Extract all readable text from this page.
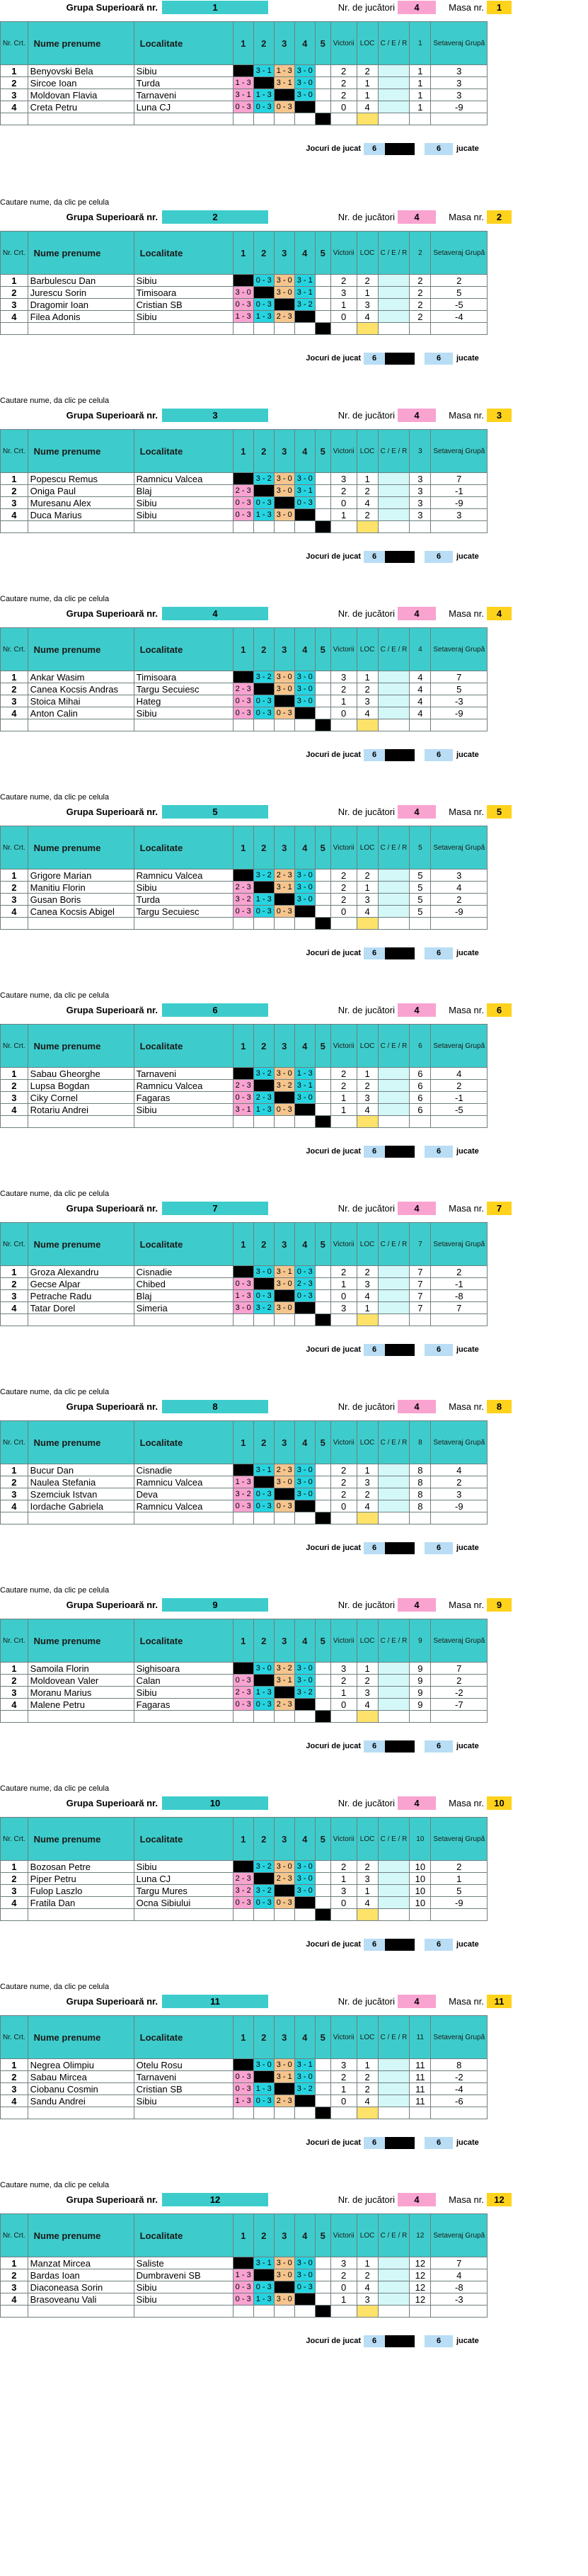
Grupa Superioară nr.	1	Nr. de jucători	4	Masa nr.	1
Nr. Crt.	Nume prenume	Localitate	1	2	3	4	5	Victorii	LOC	C / E / R	1	Setaveraj Grupă
1	Benyovski Bela	Sibiu		3 - 1	1 - 3	3 - 0		2	2		1	3
2	Sircoe Ioan	Turda	1 - 3		3 - 1	3 - 0		2	1		1	3
3	Moldovan Flavia	Tarnaveni	3 - 1	1 - 3		3 - 0		2	1		1	3
4	Creta Petru	Luna CJ	0 - 3	0 - 3	0 - 3			0	4		1	-9

Jocuri de jucat	6	6	jucate
Cautare nume, da clic pe celula
Grupa Superioară nr.	2	Nr. de jucători	4	Masa nr.	2
Nr. Crt.	Nume prenume	Localitate	1	2	3	4	5	Victorii	LOC	C / E / R	2	Setaveraj Grupă
1	Barbulescu Dan	Sibiu		0 - 3	3 - 0	3 - 1		2	2		2	2
2	Jurescu Sorin	Timisoara	3 - 0		3 - 0	3 - 1		3	1		2	5
3	Dragomir Ioan	Cristian SB	0 - 3	0 - 3		3 - 2		1	3		2	-5
4	Filea Adonis	Sibiu	1 - 3	1 - 3	2 - 3			0	4		2	-4

Jocuri de jucat	6	6	jucate
Cautare nume, da clic pe celula
Grupa Superioară nr.	3	Nr. de jucători	4	Masa nr.	3
Nr. Crt.	Nume prenume	Localitate	1	2	3	4	5	Victorii	LOC	C / E / R	3	Setaveraj Grupă
1	Popescu Remus	Ramnicu Valcea		3 - 2	3 - 0	3 - 0		3	1		3	7
2	Oniga Paul	Blaj	2 - 3		3 - 0	3 - 1		2	2		3	-1
3	Muresanu Alex	Sibiu	0 - 3	0 - 3		0 - 3		0	4		3	-9
4	Duca Marius	Sibiu	0 - 3	1 - 3	3 - 0			1	2		3	3

Jocuri de jucat	6	6	jucate
Cautare nume, da clic pe celula
Grupa Superioară nr.	4	Nr. de jucători	4	Masa nr.	4
Nr. Crt.	Nume prenume	Localitate	1	2	3	4	5	Victorii	LOC	C / E / R	4	Setaveraj Grupă
1	Ankar Wasim	Timisoara		3 - 2	3 - 0	3 - 0		3	1		4	7
2	Canea Kocsis Andras	Targu Secuiesc	2 - 3		3 - 0	3 - 0		2	2		4	5
3	Stoica Mihai	Hateg	0 - 3	0 - 3		3 - 0		1	3		4	-3
4	Anton Calin	Sibiu	0 - 3	0 - 3	0 - 3			0	4		4	-9

Jocuri de jucat	6	6	jucate
Cautare nume, da clic pe celula
Grupa Superioară nr.	5	Nr. de jucători	4	Masa nr.	5
Nr. Crt.	Nume prenume	Localitate	1	2	3	4	5	Victorii	LOC	C / E / R	5	Setaveraj Grupă
1	Grigore Marian	Ramnicu Valcea		3 - 2	2 - 3	3 - 0		2	2		5	3
2	Manitiu Florin	Sibiu	2 - 3		3 - 1	3 - 0		2	1		5	4
3	Gusan Boris	Turda	3 - 2	1 - 3		3 - 0		2	3		5	2
4	Canea Kocsis Abigel	Targu Secuiesc	0 - 3	0 - 3	0 - 3			0	4		5	-9

Jocuri de jucat	6	6	jucate
Cautare nume, da clic pe celula
Grupa Superioară nr.	6	Nr. de jucători	4	Masa nr.	6
Nr. Crt.	Nume prenume	Localitate	1	2	3	4	5	Victorii	LOC	C / E / R	6	Setaveraj Grupă
1	Sabau Gheorghe	Tarnaveni		3 - 2	3 - 0	1 - 3		2	1		6	4
2	Lupsa Bogdan	Ramnicu Valcea	2 - 3		3 - 2	3 - 1		2	2		6	2
3	Ciky Cornel	Fagaras	0 - 3	2 - 3		3 - 0		1	3		6	-1
4	Rotariu Andrei	Sibiu	3 - 1	1 - 3	0 - 3			1	4		6	-5

Jocuri de jucat	6	6	jucate
Cautare nume, da clic pe celula
Grupa Superioară nr.	7	Nr. de jucători	4	Masa nr.	7
Nr. Crt.	Nume prenume	Localitate	1	2	3	4	5	Victorii	LOC	C / E / R	7	Setaveraj Grupă
1	Groza Alexandru	Cisnadie		3 - 0	3 - 1	0 - 3		2	2		7	2
2	Gecse Alpar	Chibed	0 - 3		3 - 0	2 - 3		1	3		7	-1
3	Petrache Radu	Blaj	1 - 3	0 - 3		0 - 3		0	4		7	-8
4	Tatar Dorel	Simeria	3 - 0	3 - 2	3 - 0			3	1		7	7

Jocuri de jucat	6	6	jucate
Cautare nume, da clic pe celula
Grupa Superioară nr.	8	Nr. de jucători	4	Masa nr.	8
Nr. Crt.	Nume prenume	Localitate	1	2	3	4	5	Victorii	LOC	C / E / R	8	Setaveraj Grupă
1	Bucur Dan	Cisnadie		3 - 1	2 - 3	3 - 0		2	1		8	4
2	Naulea Stefania	Ramnicu Valcea	1 - 3		3 - 0	3 - 0		2	3		8	2
3	Szemciuk Istvan	Deva	3 - 2	0 - 3		3 - 0		2	2		8	3
4	Iordache Gabriela	Ramnicu Valcea	0 - 3	0 - 3	0 - 3			0	4		8	-9

Jocuri de jucat	6	6	jucate
Cautare nume, da clic pe celula
Grupa Superioară nr.	9	Nr. de jucători	4	Masa nr.	9
Nr. Crt.	Nume prenume	Localitate	1	2	3	4	5	Victorii	LOC	C / E / R	9	Setaveraj Grupă
1	Samoila Florin	Sighisoara		3 - 0	3 - 2	3 - 0		3	1		9	7
2	Moldovean Valer	Calan	0 - 3		3 - 1	3 - 0		2	2		9	2
3	Moranu Marius	Sibiu	2 - 3	1 - 3		3 - 2		1	3		9	-2
4	Malene Petru	Fagaras	0 - 3	0 - 3	2 - 3			0	4		9	-7

Jocuri de jucat	6	6	jucate
Cautare nume, da clic pe celula
Grupa Superioară nr.	10	Nr. de jucători	4	Masa nr.	10
Nr. Crt.	Nume prenume	Localitate	1	2	3	4	5	Victorii	LOC	C / E / R	10	Setaveraj Grupă
1	Bozosan Petre	Sibiu		3 - 2	3 - 0	3 - 0		2	2		10	2
2	Piper Petru	Luna CJ	2 - 3		2 - 3	3 - 0		1	3		10	1
3	Fulop Laszlo	Targu Mures	3 - 2	3 - 2		3 - 0		3	1		10	5
4	Fratila Dan	Ocna Sibiului	0 - 3	0 - 3	0 - 3			0	4		10	-9

Jocuri de jucat	6	6	jucate
Cautare nume, da clic pe celula
Grupa Superioară nr.	11	Nr. de jucători	4	Masa nr.	11
Nr. Crt.	Nume prenume	Localitate	1	2	3	4	5	Victorii	LOC	C / E / R	11	Setaveraj Grupă
1	Negrea Olimpiu	Otelu Rosu		3 - 0	3 - 0	3 - 1		3	1		11	8
2	Sabau Mircea	Tarnaveni	0 - 3		3 - 1	3 - 0		2	2		11	-2
3	Ciobanu Cosmin	Cristian SB	0 - 3	1 - 3		3 - 2		1	2		11	-4
4	Sandu Andrei	Sibiu	1 - 3	0 - 3	2 - 3			0	4		11	-6

Jocuri de jucat	6	6	jucate
Cautare nume, da clic pe celula
Grupa Superioară nr.	12	Nr. de jucători	4	Masa nr.	12
Nr. Crt.	Nume prenume	Localitate	1	2	3	4	5	Victorii	LOC	C / E / R	12	Setaveraj Grupă
1	Manzat Mircea	Saliste		3 - 1	3 - 0	3 - 0		3	1		12	7
2	Bardas Ioan	Dumbraveni SB	1 - 3		3 - 0	3 - 0		2	2		12	4
3	Diaconeasa Sorin	Sibiu	0 - 3	0 - 3		0 - 3		0	4		12	-8
4	Brasoveanu Vali	Sibiu	0 - 3	1 - 3	3 - 0			1	3		12	-3

Jocuri de jucat	6	6	jucate
